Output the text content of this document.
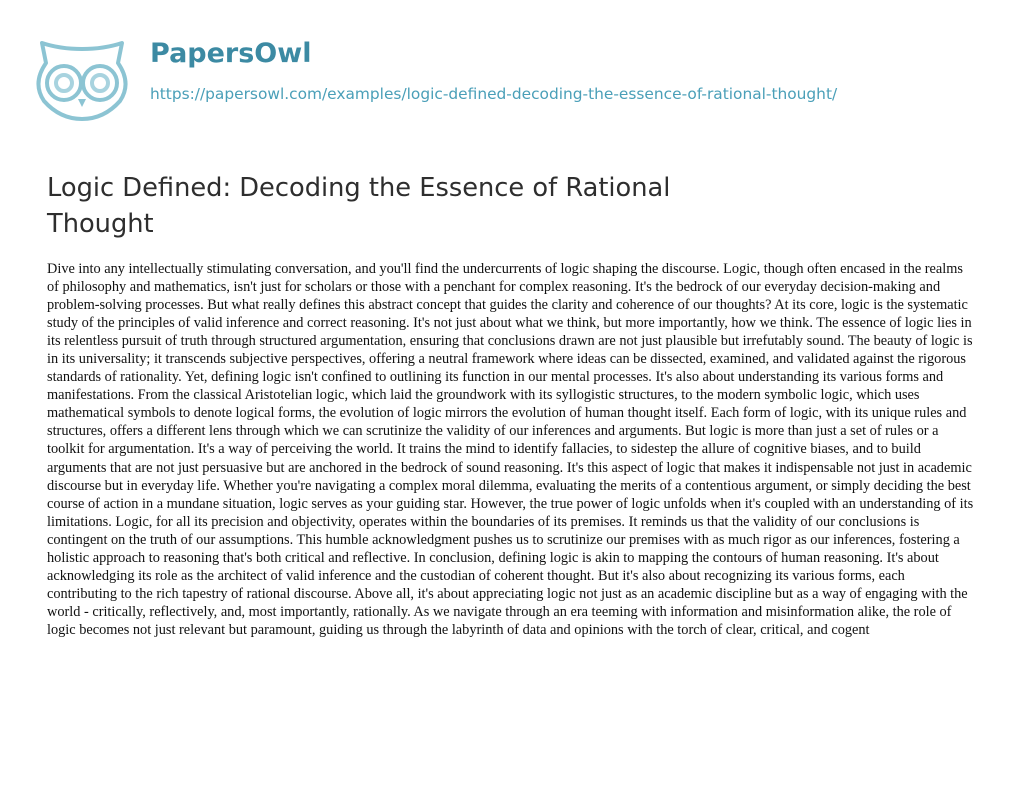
PapersOwl
https://papersowl.com/examples/logic-defined-decoding-the-essence-of-rational-thought/
Logic Defined: Decoding the Essence of Rational Thought

Dive into any intellectually stimulating conversation, and you'll find the undercurrents of logic shaping the discourse. Logic, though often encased in the realms of philosophy and mathematics, isn't just for scholars or those with a penchant for complex reasoning. It's the bedrock of our everyday decision-making and problem-solving processes. But what really defines this abstract concept that guides the clarity and coherence of our thoughts? At its core, logic is the systematic study of the principles of valid inference and correct reasoning. It's not just about what we think, but more importantly, how we think. The essence of logic lies in its relentless pursuit of truth through structured argumentation, ensuring that conclusions drawn are not just plausible but irrefutably sound. The beauty of logic is in its universality; it transcends subjective perspectives, offering a neutral framework where ideas can be dissected, examined, and validated against the rigorous standards of rationality. Yet, defining logic isn't confined to outlining its function in our mental processes. It's also about understanding its various forms and manifestations. From the classical Aristotelian logic, which laid the groundwork with its syllogistic structures, to the modern symbolic logic, which uses mathematical symbols to denote logical forms, the evolution of logic mirrors the evolution of human thought itself. Each form of logic, with its unique rules and structures, offers a different lens through which we can scrutinize the validity of our inferences and arguments. But logic is more than just a set of rules or a toolkit for argumentation. It's a way of perceiving the world. It trains the mind to identify fallacies, to sidestep the allure of cognitive biases, and to build arguments that are not just persuasive but are anchored in the bedrock of sound reasoning. It's this aspect of logic that makes it indispensable not just in academic discourse but in everyday life. Whether you're navigating a complex moral dilemma, evaluating the merits of a contentious argument, or simply deciding the best course of action in a mundane situation, logic serves as your guiding star. However, the true power of logic unfolds when it's coupled with an understanding of its limitations. Logic, for all its precision and objectivity, operates within the boundaries of its premises. It reminds us that the validity of our conclusions is contingent on the truth of our assumptions. This humble acknowledgment pushes us to scrutinize our premises with as much rigor as our inferences, fostering a holistic approach to reasoning that's both critical and reflective. In conclusion, defining logic is akin to mapping the contours of human reasoning. It's about acknowledging its role as the architect of valid inference and the custodian of coherent thought. But it's also about recognizing its various forms, each contributing to the rich tapestry of rational discourse. Above all, it's about appreciating logic not just as an academic discipline but as a way of engaging with the world - critically, reflectively, and, most importantly, rationally. As we navigate through an era teeming with information and misinformation alike, the role of logic becomes not just relevant but paramount, guiding us through the labyrinth of data and opinions with the torch of clear, critical, and cogent
